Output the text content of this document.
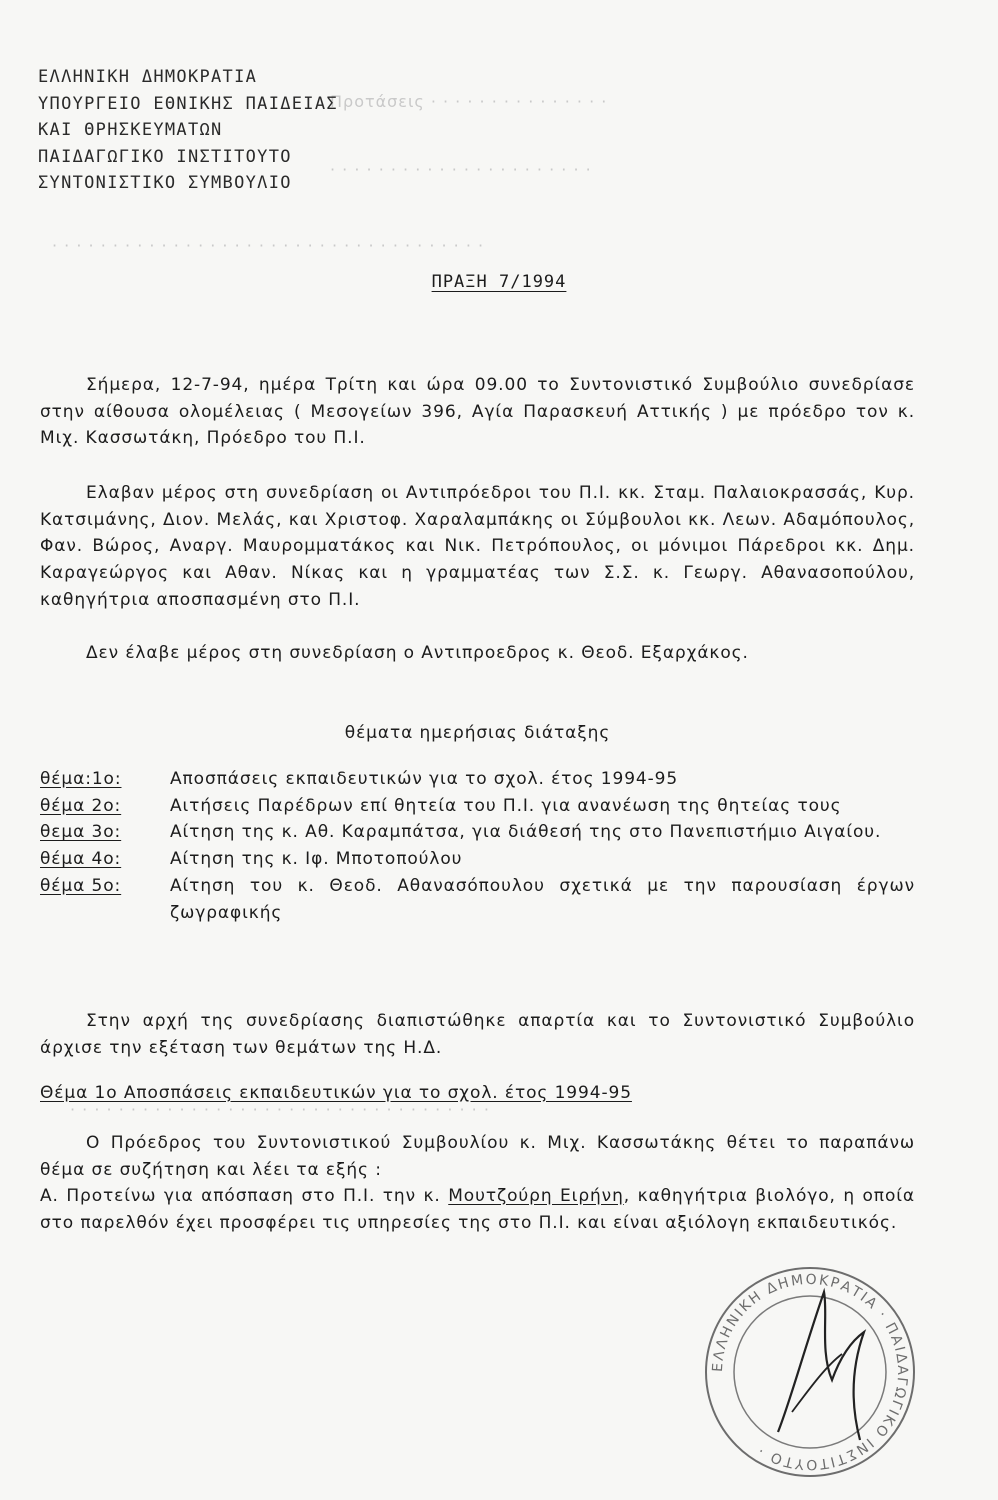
Προτάσεις · · · · · · · · · · · · · · ·
· · · · · · · · · · · · · · · · · · · · · ·
· · · · · · · · · · · · · · · · · · · · · · · · · · · · · · · · · · · ·
· · · · · · · · · · · · · · · · · · · · · · · · · · · · · · · · · · ·
ΕΛΛΗΝΙΚΗ ΔΗΜΟΚΡΑΤΙΑ
ΥΠΟΥΡΓΕΙΟ ΕΘΝΙΚΗΣ ΠΑΙΔΕΙΑΣ
ΚΑΙ ΘΡΗΣΚΕΥΜΑΤΩΝ
ΠΑΙΔΑΓΩΓΙΚΟ ΙΝΣΤΙΤΟΥΤΟ
ΣΥΝΤΟΝΙΣΤΙΚΟ ΣΥΜΒΟΥΛΙΟ
ΠΡΑΞΗ 7/1994
Σήμερα, 12-7-94, ημέρα Τρίτη και ώρα 09.00 το Συντονιστικό Συμβούλιο συνεδρίασε στην αίθουσα ολομέλειας ( Μεσογείων 396, Αγία Παρασκευή Αττικής ) με πρόεδρο τον κ. Μιχ. Κασσωτάκη, Πρόεδρο του Π.Ι.
Ελαβαν μέρος στη συνεδρίαση οι Αντιπρόεδροι του Π.Ι. κκ. Σταμ. Παλαιοκρασσάς, Κυρ. Κατσιμάνης, Διον. Μελάς, και Χριστοφ. Χαραλαμπάκης οι Σύμβουλοι κκ. Λεων. Αδαμόπουλος, Φαν. Βώρος, Αναργ. Μαυρομματάκος και Νικ. Πετρόπουλος, οι μόνιμοι Πάρεδροι κκ. Δημ. Καραγεώργος και Αθαν. Νίκας και η γραμματέας των Σ.Σ. κ. Γεωργ. Αθανασοπούλου, καθηγήτρια αποσπασμένη στο Π.Ι.
Δεν έλαβε μέρος στη συνεδρίαση ο Αντιπροεδρος κ. Θεοδ. Εξαρχάκος.
θέματα ημερήσιας διάταξης
θέμα:1ο:	Αποσπάσεις εκπαιδευτικών για το σχολ. έτος 1994-95
θέμα 2ο:	Αιτήσεις Παρέδρων επί θητεία του Π.Ι. για ανανέωση της θητείας τους
θεμα 3ο:	Αίτηση της κ. Αθ. Καραμπάτσα, για διάθεσή της στο Πανεπιστήμιο Αιγαίου.
θέμα 4ο:	Αίτηση της κ. Ιφ. Μποτοπούλου
θέμα 5ο:	Αίτηση του κ. Θεοδ. Αθανασόπουλου σχετικά με την παρουσίαση έργων ζωγραφικής
Στην αρχή της συνεδρίασης διαπιστώθηκε απαρτία και το Συντονιστικό Συμβούλιο άρχισε την εξέταση των θεμάτων της Η.Δ.
Θέμα 1ο Αποσπάσεις εκπαιδευτικών για το σχολ. έτος 1994-95
Ο Πρόεδρος του Συντονιστικού Συμβουλίου κ. Μιχ. Κασσωτάκης θέτει το παραπάνω θέμα σε συζήτηση και λέει τα εξής :
Α. Προτείνω για απόσπαση στο Π.Ι. την κ. Μουτζούρη Ειρήνη, καθηγήτρια βιολόγο, η οποία στο παρελθόν έχει προσφέρει τις υπηρεσίες της στο Π.Ι. και είναι αξιόλογη εκπαιδευτικός.
ΕΛΛΗΝΙΚΗ ΔΗΜΟΚΡΑΤΙΑ · ΠΑΙΔΑΓΩΓΙΚΟ ΙΝΣΤΙΤΟΥΤΟ ·
